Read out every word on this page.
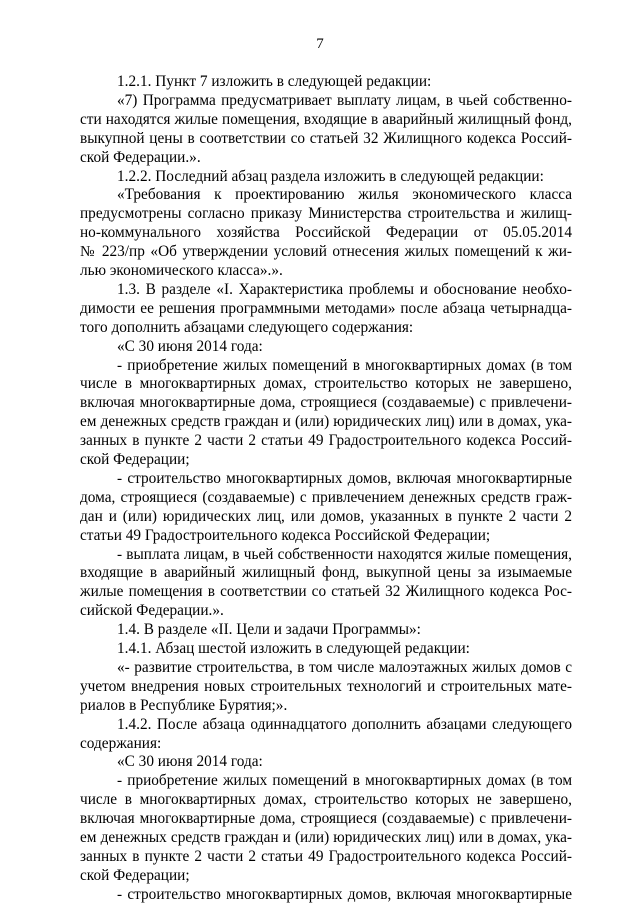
7
1.2.1. Пункт 7 изложить в следующей редакции:
«7) Программа предусматривает выплату лицам, в чьей собственно-
сти находятся жилые помещения, входящие в аварийный жилищный фонд,
выкупной цены в соответствии со статьей 32 Жилищного кодекса Россий-
ской Федерации.».
1.2.2. Последний абзац раздела изложить в следующей редакции:
«Требования к проектированию жилья экономического класса
предусмотрены согласно приказу Министерства строительства и жилищ-
но-коммунального хозяйства Российской Федерации от 05.05.2014
№ 223/пр «Об утверждении условий отнесения жилых помещений к жи-
лью экономического класса».».
1.3. В разделе «I. Характеристика проблемы и обоснование необхо-
димости ее решения программными методами» после абзаца четырнадца-
того дополнить абзацами следующего содержания:
«С 30 июня 2014 года:
- приобретение жилых помещений в многоквартирных домах (в том
числе в многоквартирных домах, строительство которых не завершено,
включая многоквартирные дома, строящиеся (создаваемые) с привлечени-
ем денежных средств граждан и (или) юридических лиц) или в домах, ука-
занных в пункте 2 части 2 статьи 49 Градостроительного кодекса Россий-
ской Федерации;
- строительство многоквартирных домов, включая многоквартирные
дома, строящиеся (создаваемые) с привлечением денежных средств граж-
дан и (или) юридических лиц, или домов, указанных в пункте 2 части 2
статьи 49 Градостроительного кодекса Российской Федерации;
- выплата лицам, в чьей собственности находятся жилые помещения,
входящие в аварийный жилищный фонд, выкупной цены за изымаемые
жилые помещения в соответствии со статьей 32 Жилищного кодекса Рос-
сийской Федерации.».
1.4. В разделе «II. Цели и задачи Программы»:
1.4.1. Абзац шестой изложить в следующей редакции:
«- развитие строительства, в том числе малоэтажных жилых домов с
учетом внедрения новых строительных технологий и строительных мате-
риалов в Республике Бурятия;».
1.4.2. После абзаца одиннадцатого дополнить абзацами следующего
содержания:
«С 30 июня 2014 года:
- приобретение жилых помещений в многоквартирных домах (в том
числе в многоквартирных домах, строительство которых не завершено,
включая многоквартирные дома, строящиеся (создаваемые) с привлечени-
ем денежных средств граждан и (или) юридических лиц) или в домах, ука-
занных в пункте 2 части 2 статьи 49 Градостроительного кодекса Россий-
ской Федерации;
- строительство многоквартирных домов, включая многоквартирные
